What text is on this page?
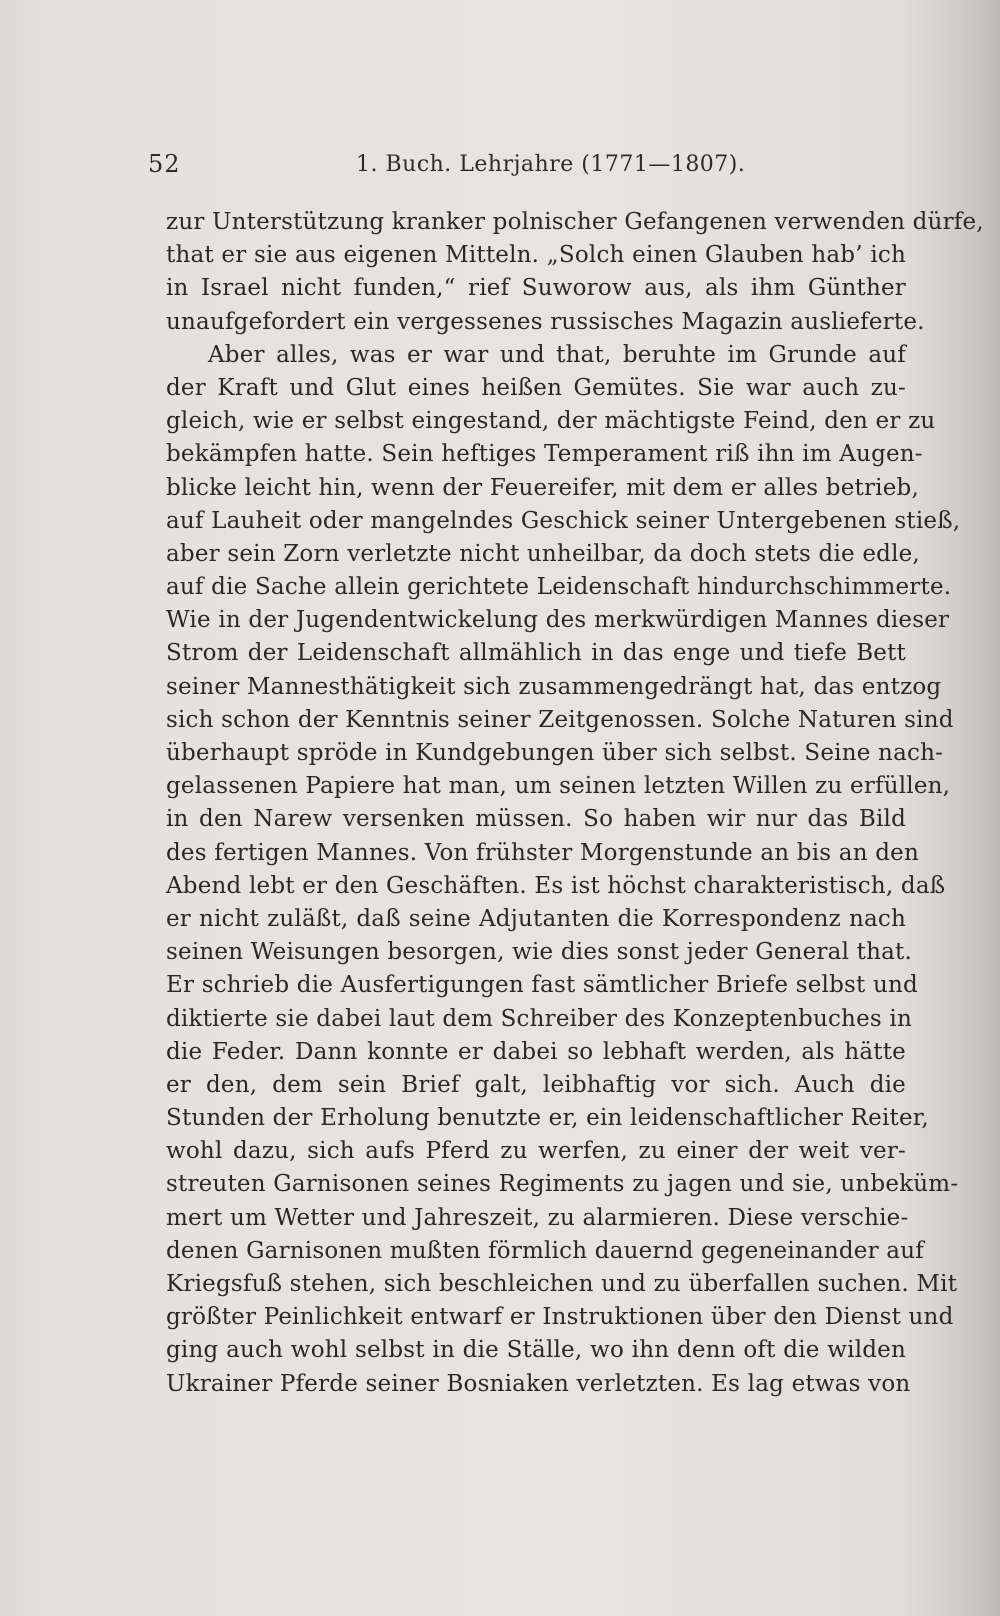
52	1. Buch. Lehrjahre (1771—1807).
zur Unterstützung kranker polnischer Gefangenen verwenden dürfe,
that er sie aus eigenen Mitteln. „Solch einen Glauben hab’ ich
in Israel nicht funden,“ rief Suworow aus, als ihm Günther
unaufgefordert ein vergessenes russisches Magazin auslieferte.
Aber alles, was er war und that, beruhte im Grunde auf
der Kraft und Glut eines heißen Gemütes. Sie war auch zu-
gleich, wie er selbst eingestand, der mächtigste Feind, den er zu
bekämpfen hatte. Sein heftiges Temperament riß ihn im Augen-
blicke leicht hin, wenn der Feuereifer, mit dem er alles betrieb,
auf Lauheit oder mangelndes Geschick seiner Untergebenen stieß,
aber sein Zorn verletzte nicht unheilbar, da doch stets die edle,
auf die Sache allein gerichtete Leidenschaft hindurchschimmerte.
Wie in der Jugendentwickelung des merkwürdigen Mannes dieser
Strom der Leidenschaft allmählich in das enge und tiefe Bett
seiner Mannesthätigkeit sich zusammengedrängt hat, das entzog
sich schon der Kenntnis seiner Zeitgenossen. Solche Naturen sind
überhaupt spröde in Kundgebungen über sich selbst. Seine nach-
gelassenen Papiere hat man, um seinen letzten Willen zu erfüllen,
in den Narew versenken müssen. So haben wir nur das Bild
des fertigen Mannes. Von frühster Morgenstunde an bis an den
Abend lebt er den Geschäften. Es ist höchst charakteristisch, daß
er nicht zuläßt, daß seine Adjutanten die Korrespondenz nach
seinen Weisungen besorgen, wie dies sonst jeder General that.
Er schrieb die Ausfertigungen fast sämtlicher Briefe selbst und
diktierte sie dabei laut dem Schreiber des Konzeptenbuches in
die Feder. Dann konnte er dabei so lebhaft werden, als hätte
er den, dem sein Brief galt, leibhaftig vor sich. Auch die
Stunden der Erholung benutzte er, ein leidenschaftlicher Reiter,
wohl dazu, sich aufs Pferd zu werfen, zu einer der weit ver-
streuten Garnisonen seines Regiments zu jagen und sie, unbeküm-
mert um Wetter und Jahreszeit, zu alarmieren. Diese verschie-
denen Garnisonen mußten förmlich dauernd gegeneinander auf
Kriegsfuß stehen, sich beschleichen und zu überfallen suchen. Mit
größter Peinlichkeit entwarf er Instruktionen über den Dienst und
ging auch wohl selbst in die Ställe, wo ihn denn oft die wilden
Ukrainer Pferde seiner Bosniaken verletzten. Es lag etwas von
